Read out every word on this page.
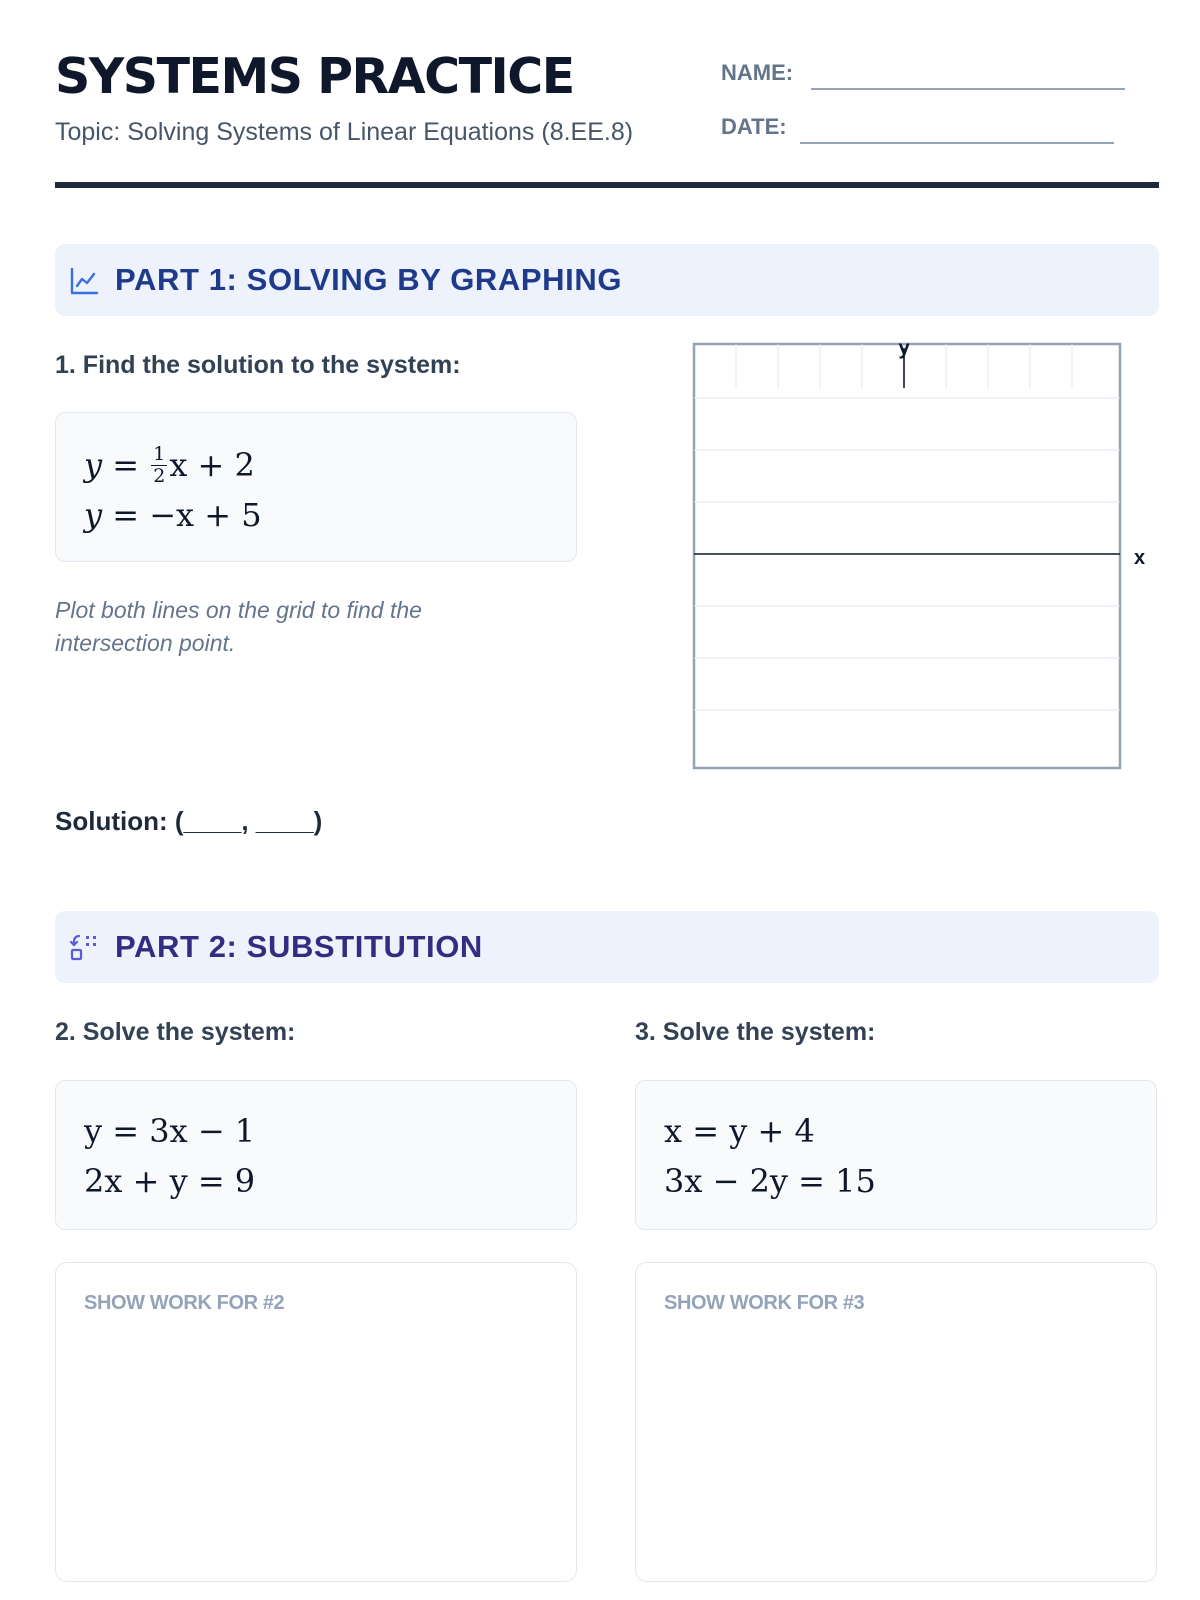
SYSTEMS PRACTICE
Topic: Solving Systems of Linear Equations (8.EE.8)
NAME:
DATE:
PART 1: SOLVING BY GRAPHING
1. Find the solution to the system:
$y = \frac{1}{2}$ x + 2
y = −x + 5
Plot both lines on the grid to find the intersection point.
x
y
Solution: (____, ____)
PART 2: SUBSTITUTION
2. Solve the system:	3. Solve the system:
y = 3x − 1
2x + y = 9
x = y + 4
3x − 2y = 15
SHOW WORK FOR #2	SHOW WORK FOR #3
